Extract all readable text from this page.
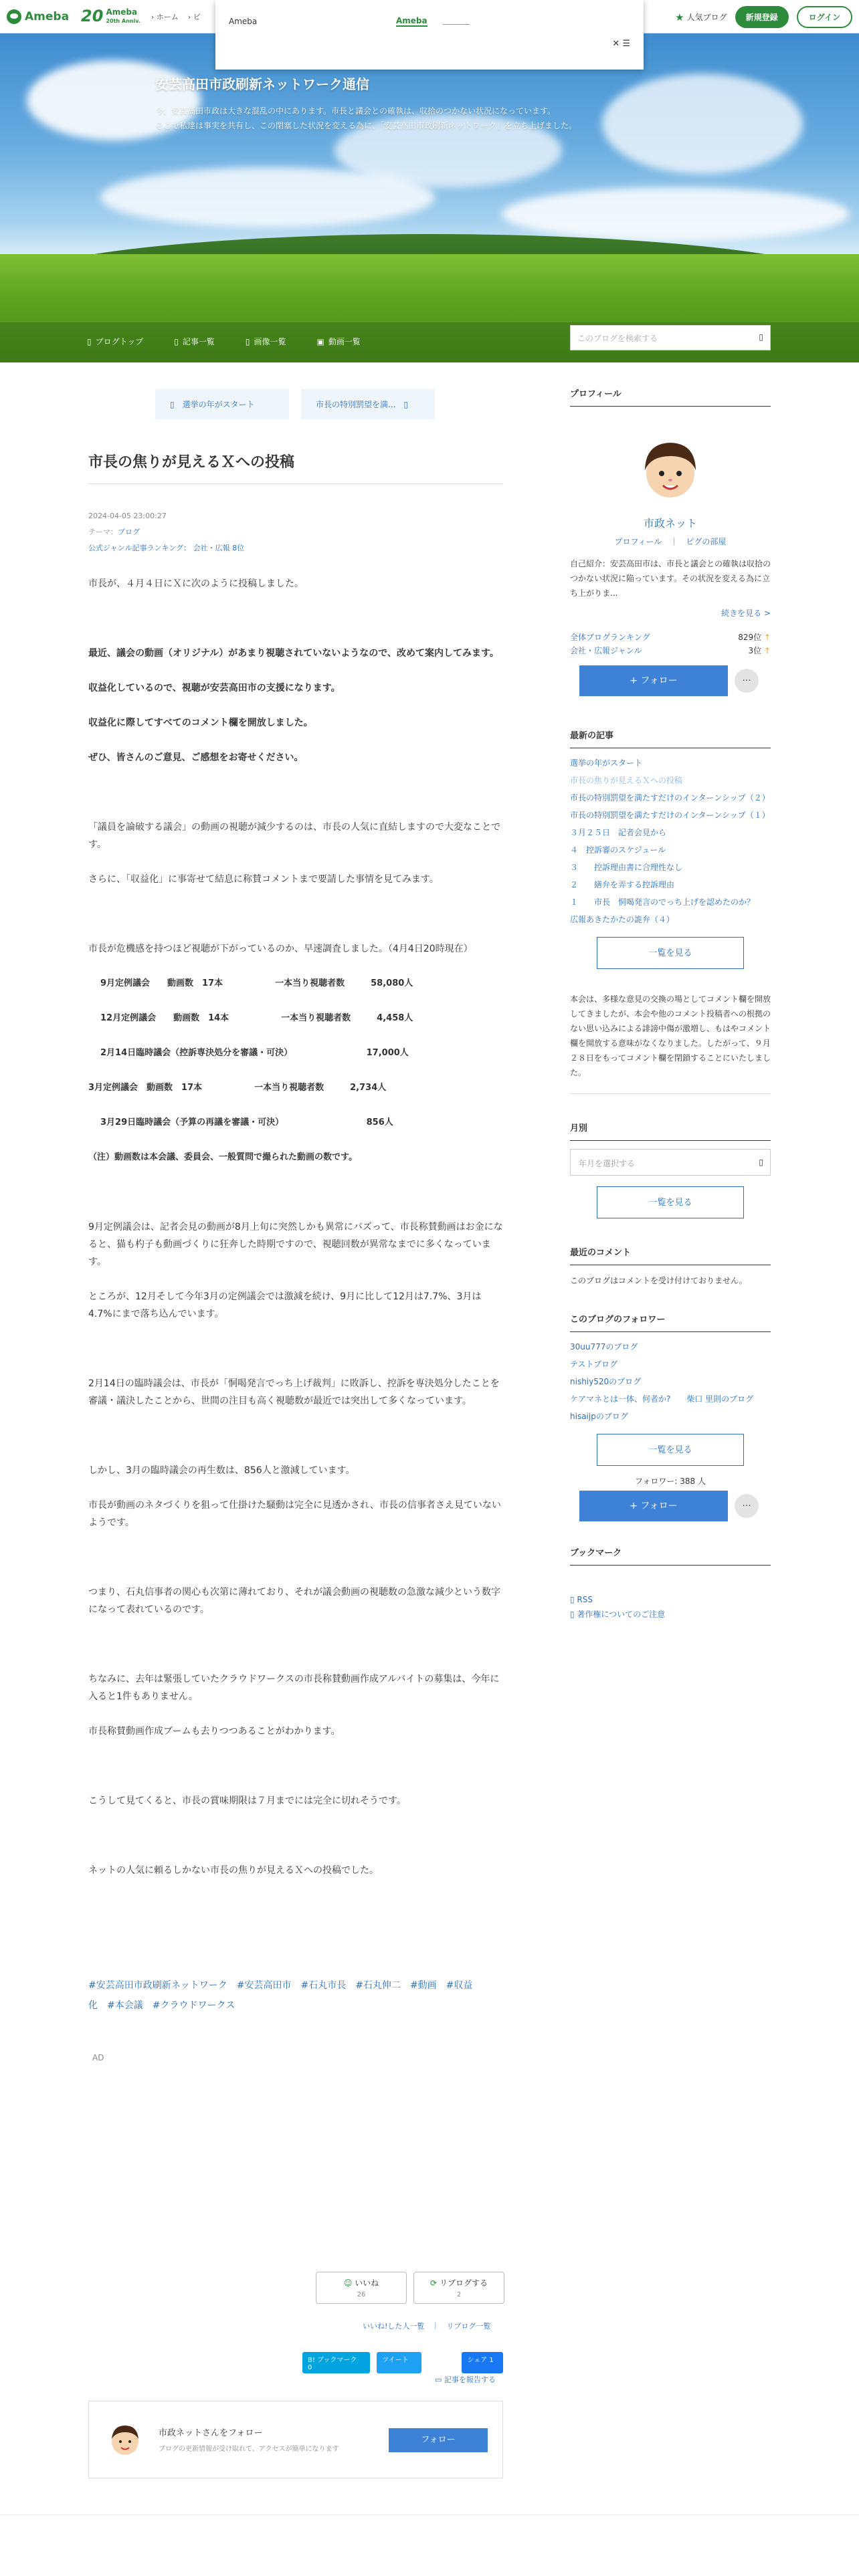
Ameba 20 Ameba
20th Anniv. › ホーム › ピ	Ameba	Ameba
✕ ☰
★ 人気ブログ	新規登録	ログイン
安芸高田市政刷新ネットワーク通信
今、安芸高田市政は大きな混乱の中にあります。市長と議会との確執は、収拾のつかない状況になっています。
そこで私達は事実を共有し、この閉塞した状況を変える為に、「安芸高田市政刷新ネットワーク」を立ち上げました。
▯ ブログトップ	▯ 記事一覧	▯ 画像一覧	▣ 動画一覧	このブログを検索する	▯
▯　選挙の年がスタート	市長の特別罰望を満...　▯
市長の焦りが見えるＸへの投稿
2024-04-05 23:00:27
テーマ：ブログ
公式ジャンル記事ランキング： 会社・広報 8位

市長が、４月４日にＸに次のように投稿しました。

最近、議会の動画（オリジナル）があまり視聴されていないようなので、改めて案内してみます。

収益化しているので、視聴が安芸高田市の支援になります。

収益化に際してすべてのコメント欄を開放しました。

ぜひ、皆さんのご意見、ご感想をお寄せください。

「議員を論破する議会」の動画の視聴が減少するのは、市長の人気に直結しますので大変なことです。

さらに、「収益化」に事寄せて結息に称賛コメントまで要請した事情を見てみます。

市長が危機感を持つほど視聴が下がっているのか、早速調査しました。（4月4日20時現在）

9月定例議会　　動画数　17本　　　　　　一本当り視聴者数　　　58,080人

12月定例議会　　動画数　14本　　　　　　一本当り視聴者数　　　4,458人

2月14日臨時議会（控訴専決処分を審議・可決）　　　　　　　　　17,000人

3月定例議会　動画数　17本　　　　　　一本当り視聴者数　　　2,734人

3月29日臨時議会（予算の再議を審議・可決）　　　　　　　　　　856人

（注）動画数は本会議、委員会、一般質問で撮られた動画の数です。

9月定例議会は、記者会見の動画が8月上旬に突然しかも異常にバズって、市長称賛動画はお金になると、猫も杓子も動画づくりに狂奔した時期ですので、視聴回数が異常なまでに多くなっています。

ところが、12月そして今年3月の定例議会では激減を続け、9月に比して12月は7.7%、3月は4.7%にまで落ち込んでいます。

2月14日の臨時議会は、市長が「恫喝発言でっち上げ裁判」に敗訴し、控訴を専決処分したことを審議・議決したことから、世間の注目も高く視聴数が最近では突出して多くなっています。

しかし、3月の臨時議会の再生数は、856人と激減しています。

市長が動画のネタづくりを狙って仕掛けた騒動は完全に見透かされ、市長の信事者さえ見ていないようです。

つまり、石丸信事者の関心も次第に薄れており、それが議会動画の視聴数の急激な減少という数字になって表れているのです。

ちなみに、去年は緊張していたクラウドワークスの市長称賛動画作成アルバイトの募集は、今年に入ると1件もありません。

市長称賛動画作成ブームも去りつつあることがわかります。

こうして見てくると、市長の賞味期限は７月までには完全に切れそうです。

ネットの人気に頼るしかない市長の焦りが見えるＸへの投稿でした。

#安芸高田市政刷新ネットワーク　#安芸高田市　#石丸市長　#石丸伸二　#動画　#収益
化　#本会議　#クラウドワークス
AD
☺ いいね
26
⟳ リブログする
2
いいね!した人一覧　｜　リブログ一覧
B! ブックマーク　0
ツイート	シェア 1
▭ 記事を報告する
市政ネットさんをフォロー
ブログの更新情報が受け取れて、アクセスが簡単になります
フォロー
プロフィール
市政ネット
プロフィール　｜　ピグの部屋
自己紹介：安芸高田市は、市長と議会との確執は収拾のつかない状況に陥っています。その状況を変える為に立ち上がりま...
続きを見る >
全体ブログランキング	829位 ↑
会社・広報ジャンル	3位 ↑
+ フォロー	···
最新の記事
選挙の年がスタート
市長の焦りが見えるＸへの投稿
市長の特別罰望を満たすだけのインターンシップ（２）
市長の特別罰望を満たすだけのインターンシップ（１）
３月２５日　記者会見から
４　控訴審のスケジュール
３　　控訴理由書に合理性なし
２　　繕弁を弄する控訴理由
１　　市長　恫喝発言のでっち上げを認めたのか？
広報あきたかたの詭弁（４）
一覧を見る
本会は、多様な意見の交換の場としてコメント欄を開放してきましたが、本会や他のコメント投稿者への根拠のない思い込みによる誹謗中傷が激増し、もはやコメント欄を開放する意味がなくなりました。したがって、９月２８日をもってコメント欄を閉鎖することにいたしました。
月別
年月を選択する	▯
一覧を見る
最近のコメント
このブログはコメントを受け付けておりません。
このブログのフォロワー
30uu777のブログ
テストブログ
nishiy520のブログ
ケアマネとは一体、何者か?　　柴口 里則のブログ
hisaijpのブログ
一覧を見る
フォロワー: 388 人
+ フォロー	···
ブックマーク
▯ RSS
▯ 著作権についてのご注意
